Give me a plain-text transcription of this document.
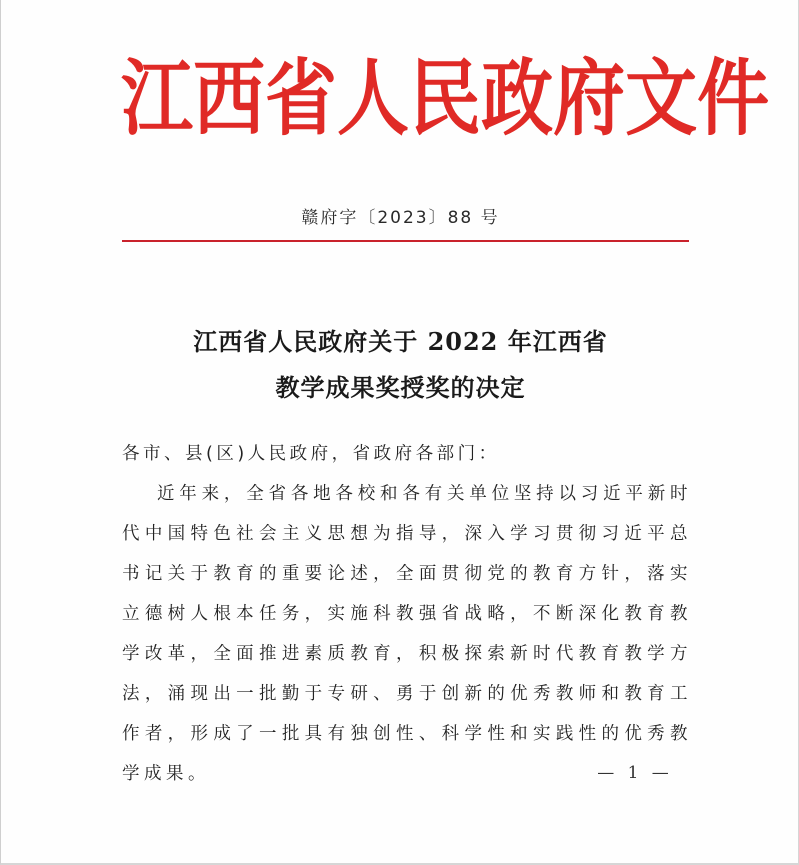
江 西 省 人 民 政 府 文 件
赣府字〔2023〕88 号
江西省人民政府关于 2022 年江西省
教学成果奖授奖的决定
各市、县(区)人民政府，省政府各部门：

近年来，全省各地各校和各有关单位坚持以习近平新时代中国特色社会主义思想为指导，深入学习贯彻习近平总书记关于教育的重要论述，全面贯彻党的教育方针，落实立德树人根本任务，实施科教强省战略，不断深化教育教学改革，全面推进素质教育，积极探索新时代教育教学方法，涌现出一批勤于专研、勇于创新的优秀教师和教育工作者，形成了一批具有独创性、科学性和实践性的优秀教学成果。	— 1 —
